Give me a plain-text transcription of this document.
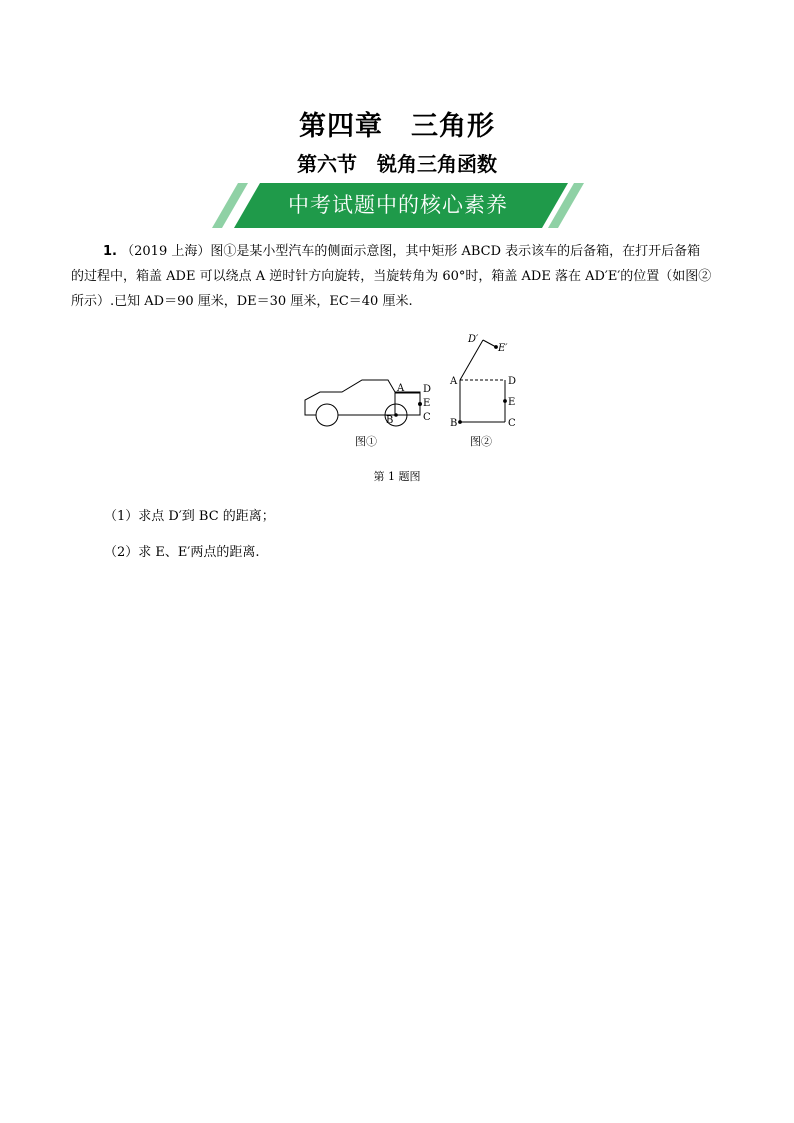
第四章　三角形
第六节　锐角三角函数
中考试题中的核心素养
1. （2019 上海）图①是某小型汽车的侧面示意图，其中矩形 ABCD 表示该车的后备箱，在打开后备箱
的过程中，箱盖 ADE 可以绕点 A 逆时针方向旋转，当旋转角为 60°时，箱盖 ADE 落在 AD′E′的位置（如图②
所示）.已知 AD＝90 厘米，DE＝30 厘米，EC＝40 厘米.
A D
E
C
B
图①
D′
E′
A	D
E
B	C
图②
第 1 题图
（1）求点 D′到 BC 的距离；
（2）求 E、E′两点的距离.
